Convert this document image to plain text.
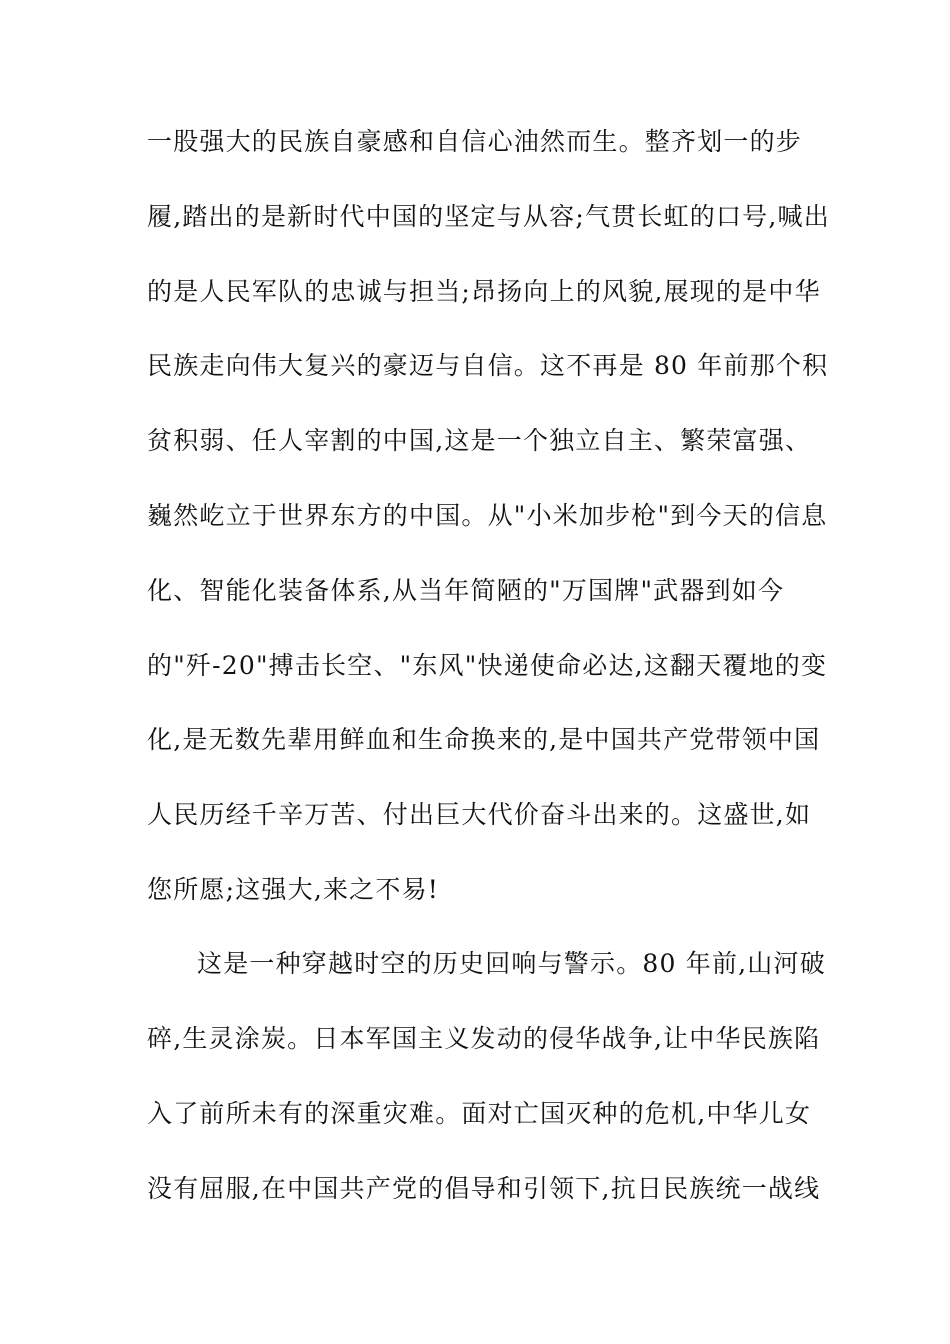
一股强大的民族自豪感和自信心油然而生。整齐划一的步
履,踏出的是新时代中国的坚定与从容;气贯长虹的口号,喊出
的是人民军队的忠诚与担当;昂扬向上的风貌,展现的是中华
民族走向伟大复兴的豪迈与自信。这不再是 80 年前那个积
贫积弱、任人宰割的中国,这是一个独立自主、繁荣富强、
巍然屹立于世界东方的中国。从"小米加步枪"到今天的信息
化、智能化装备体系,从当年简陋的"万国牌"武器到如今
的"歼-20"搏击长空、"东风"快递使命必达,这翻天覆地的变
化,是无数先辈用鲜血和生命换来的,是中国共产党带领中国
人民历经千辛万苦、付出巨大代价奋斗出来的。这盛世,如
您所愿;这强大,来之不易!
这是一种穿越时空的历史回响与警示。80 年前,山河破
碎,生灵涂炭。日本军国主义发动的侵华战争,让中华民族陷
入了前所未有的深重灾难。面对亡国灭种的危机,中华儿女
没有屈服,在中国共产党的倡导和引领下,抗日民族统一战线
